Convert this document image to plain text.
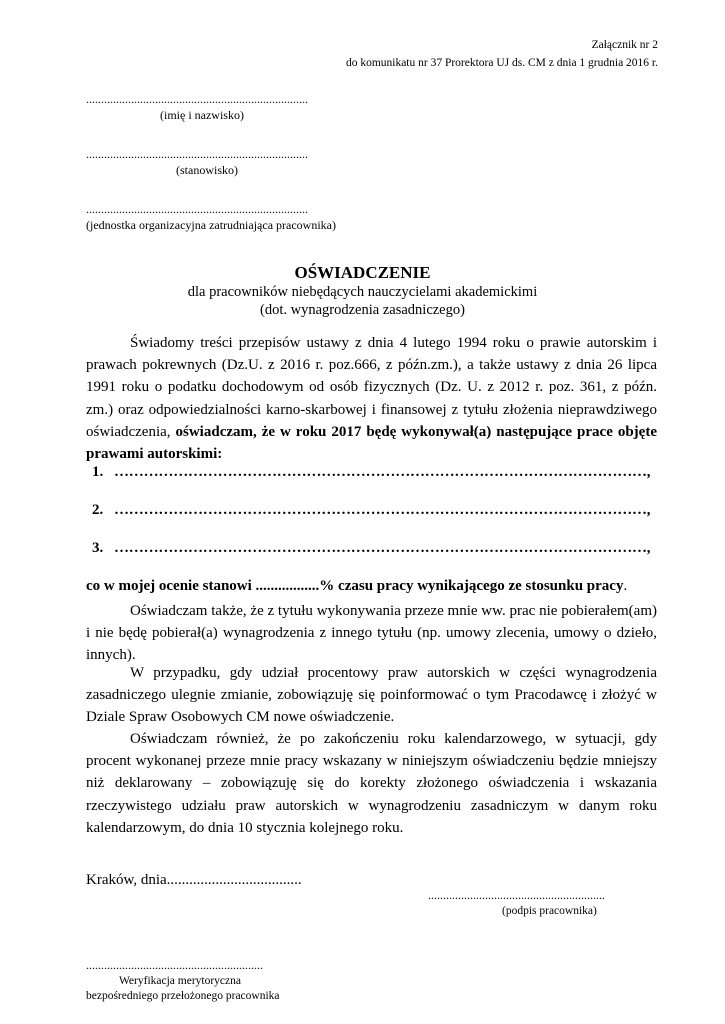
Załącznik nr 2
do komunikatu nr 37 Prorektora UJ ds. CM z dnia 1 grudnia 2016 r.
..........................................................................
(imię i nazwisko)
..........................................................................
(stanowisko)
..........................................................................
(jednostka organizacyjna zatrudniająca pracownika)
OŚWIADCZENIE
dla pracowników niebędących nauczycielami akademickimi
(dot. wynagrodzenia zasadniczego)
Świadomy treści przepisów ustawy z dnia 4 lutego 1994 roku o prawie autorskim i prawach pokrewnych (Dz.U. z 2016 r. poz.666, z późn.zm.), a także ustawy z dnia 26 lipca 1991 roku o podatku dochodowym od osób fizycznych (Dz. U. z 2012 r. poz. 361, z późn. zm.) oraz odpowiedzialności karno-skarbowej i finansowej z tytułu złożenia nieprawdziwego oświadczenia, oświadczam, że w roku 2017 będę wykonywał(a) następujące prace objęte prawami autorskimi:
1. ………………………………………………………………………………………………,
2. ………………………………………………………………………………………………,
3. ………………………………………………………………………………………………,
co w mojej ocenie stanowi .................% czasu pracy wynikającego ze stosunku pracy.
Oświadczam także, że z tytułu wykonywania przeze mnie ww. prac nie pobierałem(am) i nie będę pobierał(a) wynagrodzenia z innego tytułu (np. umowy zlecenia, umowy o dzieło, innych).
W przypadku, gdy udział procentowy praw autorskich w części wynagrodzenia zasadniczego ulegnie zmianie, zobowiązuję się poinformować o tym Pracodawcę i złożyć w Dziale Spraw Osobowych CM nowe oświadczenie.
Oświadczam również, że po zakończeniu roku kalendarzowego, w sytuacji, gdy procent wykonanej przeze mnie pracy wskazany w niniejszym oświadczeniu będzie mniejszy niż deklarowany – zobowiązuję się do korekty złożonego oświadczenia i wskazania rzeczywistego udziału praw autorskich w wynagrodzeniu zasadniczym w danym roku kalendarzowym, do dnia 10 stycznia kolejnego roku.
Kraków, dnia....................................
...........................................................
(podpis pracownika)
...........................................................
Weryfikacja merytoryczna
bezpośredniego przełożonego pracownika
